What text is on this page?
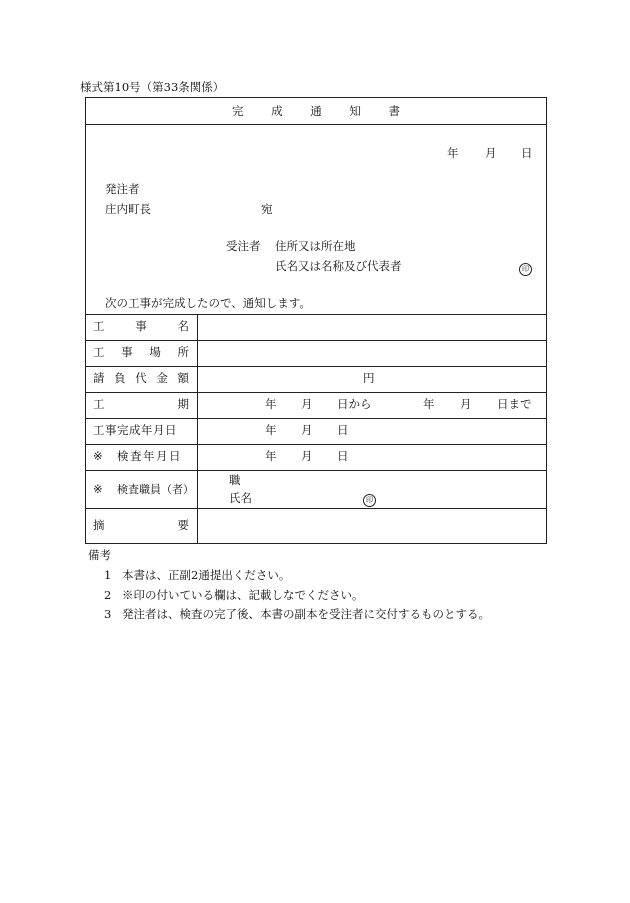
様式第10号（第33条関係）
完 成 通 知 書
年 月 日
発注者
庄内町長	宛
受注者 住所又は所在地
氏名又は名称及び代表者	印
次の工事が完成したので、通知します。
工	事	名
工 事 場 所
請 負 代 金 額	円
工	期	年 月 日から	年 月 日まで
工事完成年月日	年 月 日
※ 検査年月日	年 月 日
※ 検査職員（者）
職
氏名	印
摘	要
備考
1 本書は、正副2通提出ください。
2 ※印の付いている欄は、記載しなでください。
3 発注者は、検査の完了後、本書の副本を受注者に交付するものとする。
